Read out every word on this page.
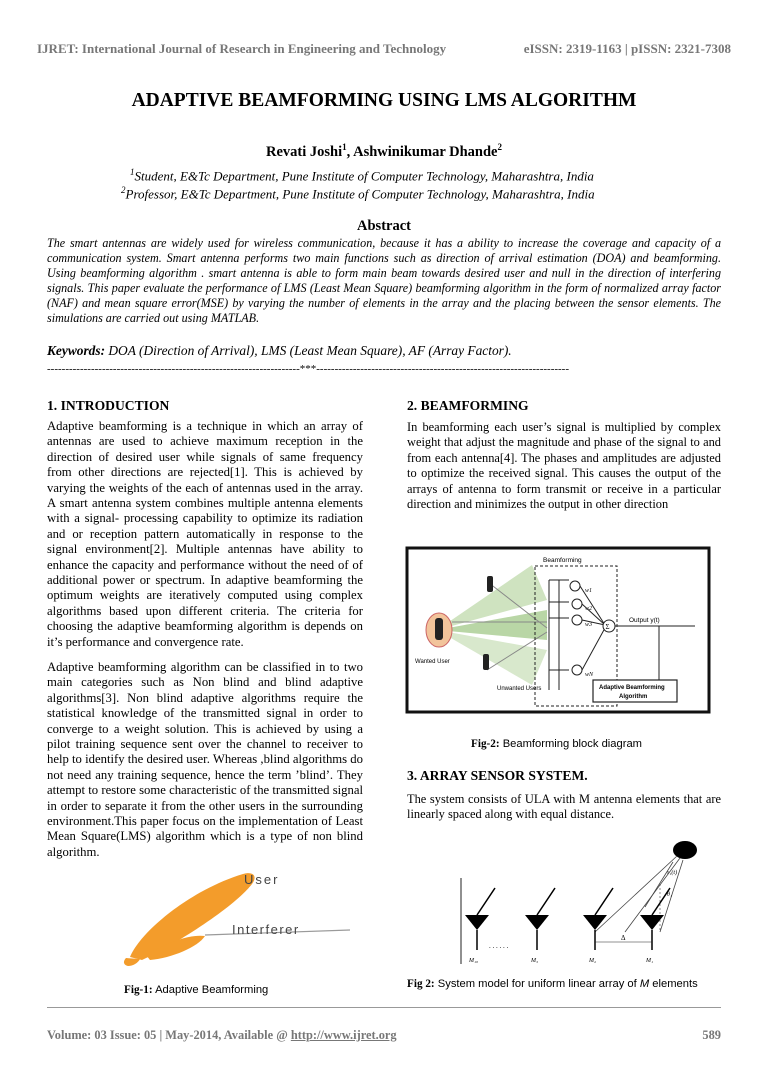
IJRET: International Journal of Research in Engineering and Technology	eISSN: 2319-1163 | pISSN: 2321-7308
ADAPTIVE BEAMFORMING USING LMS ALGORITHM
Revati Joshi$^1$, Ashwinikumar Dhande$^2$
$^1$Student, E&Tc Department, Pune Institute of Computer Technology, Maharashtra, India
$^2$Professor, E&Tc Department, Pune Institute of Computer Technology, Maharashtra, India
Abstract
The smart antennas are widely used for wireless communication, because it has a ability to increase the coverage and capacity of a communication system. Smart antenna performs two main functions such as direction of arrival estimation (DOA) and beamforming. Using beamforming algorithm . smart antenna is able to form main beam towards desired user and null in the direction of interfering signals. This paper evaluate the performance of LMS (Least Mean Square) beamforming algorithm in the form of normalized array factor (NAF) and mean square error(MSE) by varying the number of elements in the array and the placing between the sensor elements. The simulations are carried out using MATLAB.
Keywords: DOA (Direction of Arrival), LMS (Least Mean Square), AF (Array Factor).
---------------------------------------------------------------------***---------------------------------------------------------------------
1. INTRODUCTION
Adaptive beamforming is a technique in which an array of antennas are used to achieve maximum reception in the direction of desired user while signals of same frequency from other directions are rejected[1]. This is achieved by varying the weights of the each of antennas used in the array. A smart antenna system combines multiple antenna elements with a signal- processing capability to optimize its radiation and or reception pattern automatically in response to the signal environment[2]. Multiple antennas have ability to enhance the capacity and performance without the need of of additional power or spectrum. In adaptive beamforming the optimum weights are iteratively computed using complex algorithms based upon different criteria. The criteria for choosing the adaptive beamforming algorithm is depends on it’s performance and convergence rate.
Adaptive beamforming algorithm can be classified in to two main categories such as Non blind and blind adaptive algorithms[3]. Non blind adaptive algorithms require the statistical knowledge of the transmitted signal in order to converge to a weight solution. This is achieved by using a pilot training sequence sent over the channel to receiver to help to identify the desired user. Whereas ,blind algorithms do not need any training sequence, hence the term ’blind’. They attempt to restore some characteristic of the transmitted signal in order to separate it from the other users in the surrounding environment.This paper focus on the implementation of Least Mean Square(LMS) algorithm which is a type of non blind algorithm.
User
Interferer
Fig-1: Adaptive Beamforming
2. BEAMFORMING
In beamforming each user’s signal is multiplied by complex weight that adjust the magnitude and phase of the signal to and from each antenna[4]. The phases and amplitudes are adjusted to optimize the received signal. This causes the output of the arrays of antenna to form transmit or receive in a particular direction and minimizes the output in other direction
Wanted User
Unwanted Users
Beamforming
w1
w2
w3
wN
Σ
Output y(t)
Adaptive Beamforming
Algorithm
Fig-2: Beamforming block diagram
3. ARRAY SENSOR SYSTEM.
The system consists of ULA with M antenna elements that are linearly spaced along with equal distance.
s₁(t)
θ₁
Δ
. . . . . .
M₁₀	M₃	M₂	M₁
Fig 2: System model for uniform linear array of M elements
Volume: 03 Issue: 05 | May-2014, Available @ http://www.ijret.org	589
